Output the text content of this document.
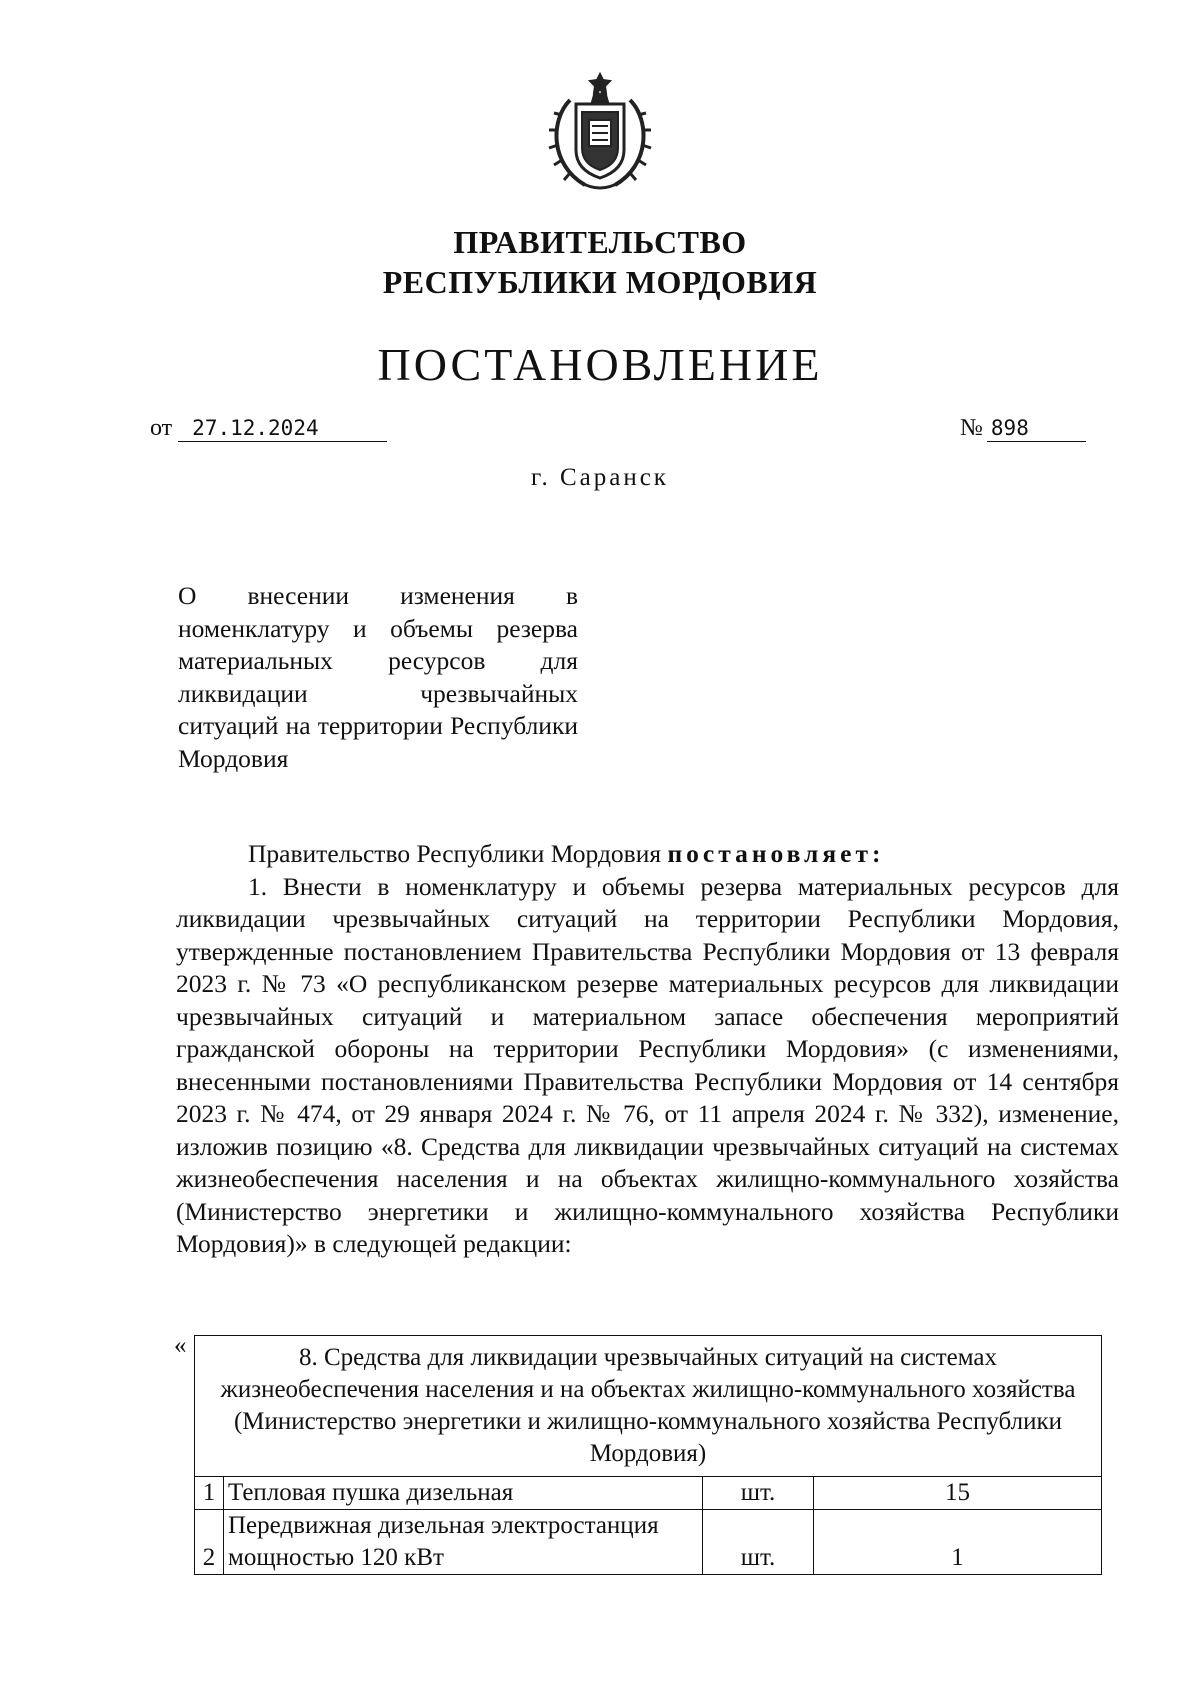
ПРАВИТЕЛЬСТВО
РЕСПУБЛИКИ МОРДОВИЯ
ПОСТАНОВЛЕНИЕ
от 27.12.2024	№ 898
г. Саранск
О внесении изменения в номенклатуру и объемы резерва материальных ресурсов для ликвидации чрезвычайных ситуаций на территории Республики Мордовия

Правительство Республики Мордовия постановляет:

1. Внести в номенклатуру и объемы резерва материальных ресурсов для ликвидации чрезвычайных ситуаций на территории Республики Мордовия, утвержденные постановлением Правительства Республики Мордовия от 13 февраля 2023 г. № 73 «О республиканском резерве материальных ресурсов для ликвидации чрезвычайных ситуаций и материальном запасе обеспечения мероприятий гражданской обороны на территории Республики Мордовия» (с изменениями, внесенными постановлениями Правительства Республики Мордовия от 14 сентября 2023 г. № 474, от 29 января 2024 г. № 76, от 11 апреля 2024 г. № 332), изменение, изложив позицию «8. Средства для ликвидации чрезвычайных ситуаций на системах жизнеобеспечения населения и на объектах жилищно-коммунального хозяйства (Министерство энергетики и жилищно-коммунального хозяйства Республики Мордовия)» в следующей редакции:

«	8. Средства для ликвидации чрезвычайных ситуаций на системах жизнеобеспечения населения и на объектах жилищно-коммунального хозяйства (Министерство энергетики и жилищно-коммунального хозяйства Республики Мордовия)			
1	Тепловая пушка дизельная	шт.	15
2	Передвижная дизельная электростанция мощностью 120 кВт	шт.	1
